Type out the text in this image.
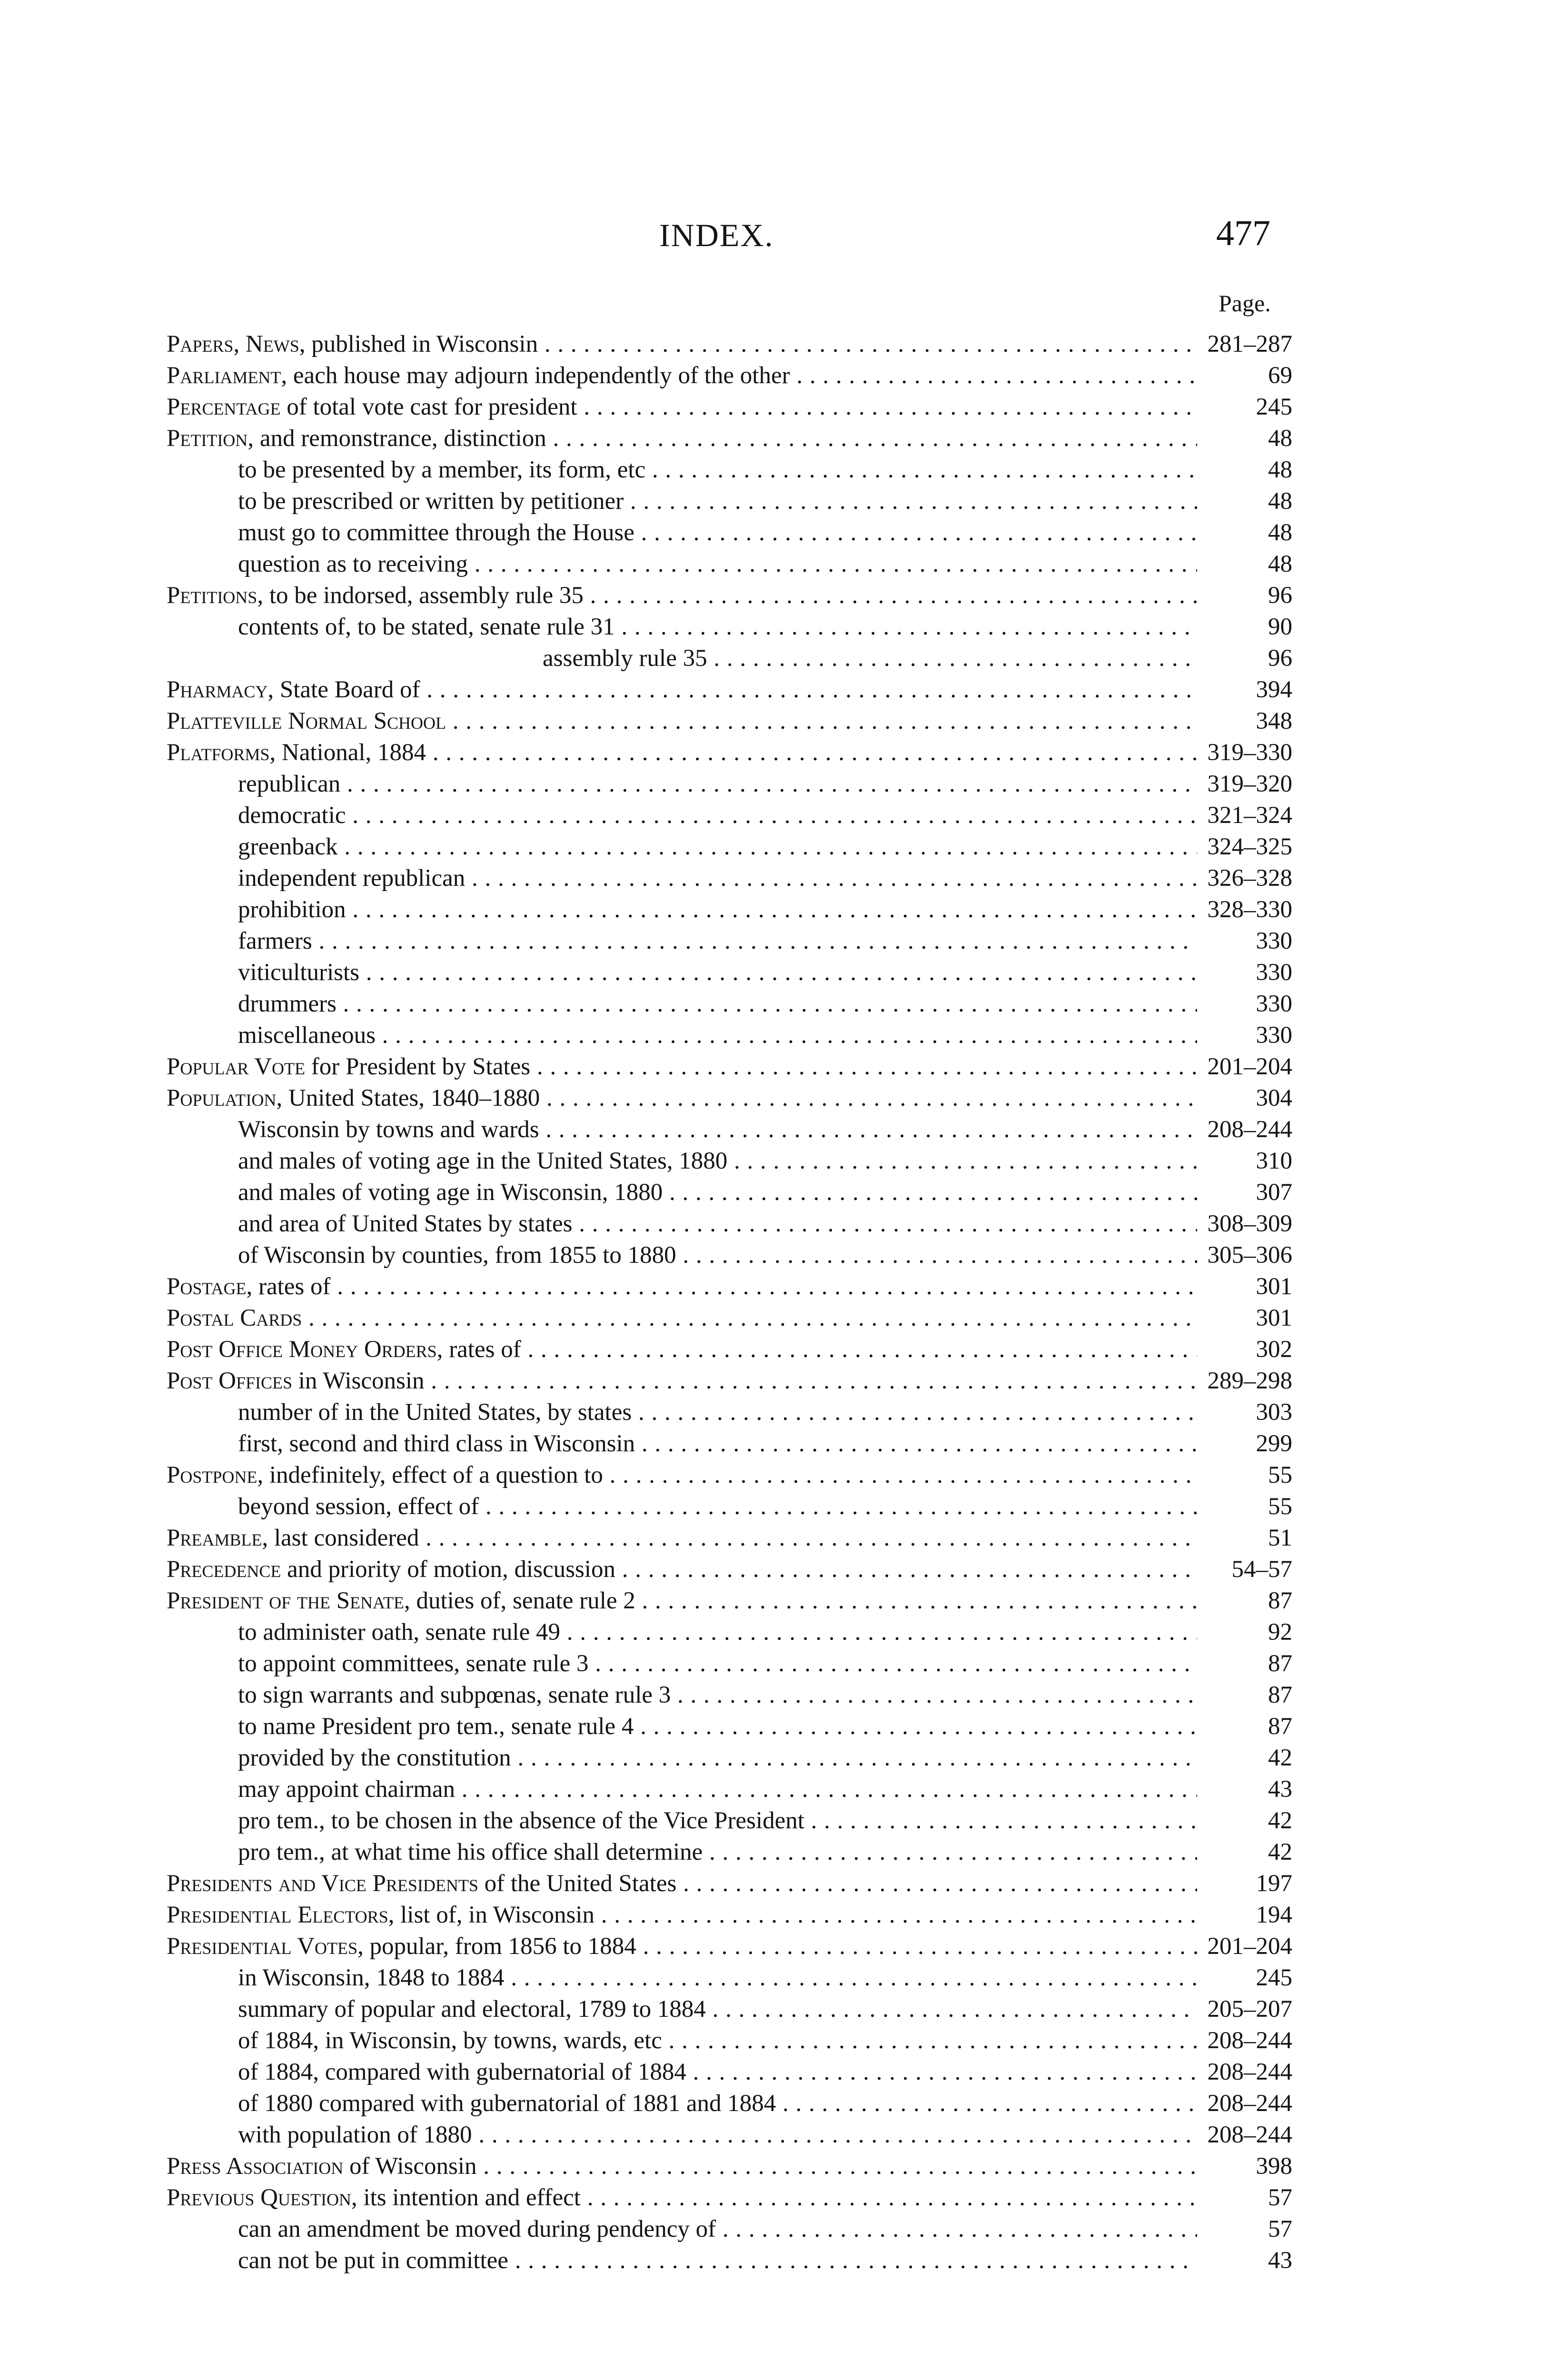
INDEX.	477
Page.
Papers, News, published in Wisconsin . . .	281–287
Parliament, each house may adjourn independently of the other . . .	69
Percentage of total vote cast for president . . .	245
Petition, and remonstrance, distinction . . .	48
to be presented by a member, its form, etc . . .	48
to be prescribed or written by petitioner . . .	48
must go to committee through the House . . .	48
question as to receiving . . .	48
Petitions, to be indorsed, assembly rule 35 . . .	96
contents of, to be stated, senate rule 31 . . .	90
assembly rule 35 . . .	96
Pharmacy, State Board of . . .	394
Platteville Normal School . . .	348
Platforms, National, 1884 . . .	319–330
republican . . .	319–320
democratic . . .	321–324
greenback . . .	324–325
independent republican . . .	326–328
prohibition . . .	328–330
farmers . . .	330
viticulturists . . .	330
drummers . . .	330
miscellaneous . . .	330
Popular Vote for President by States . . .	201–204
Population, United States, 1840–1880 . . .	304
Wisconsin by towns and wards . . .	208–244
and males of voting age in the United States, 1880 . . .	310
and males of voting age in Wisconsin, 1880 . . .	307
and area of United States by states . . .	308–309
of Wisconsin by counties, from 1855 to 1880 . . .	305–306
Postage, rates of . . .	301
Postal Cards . . .	301
Post Office Money Orders, rates of . . .	302
Post Offices in Wisconsin . . .	289–298
number of in the United States, by states . . .	303
first, second and third class in Wisconsin . . .	299
Postpone, indefinitely, effect of a question to . . .	55
beyond session, effect of . . .	55
Preamble, last considered . . .	51
Precedence and priority of motion, discussion . . .	54–57
President of the Senate, duties of, senate rule 2 . . .	87
to administer oath, senate rule 49 . . .	92
to appoint committees, senate rule 3 . . .	87
to sign warrants and subpœnas, senate rule 3 . . .	87
to name President pro tem., senate rule 4 . . .	87
provided by the constitution . . .	42
may appoint chairman . . .	43
pro tem., to be chosen in the absence of the Vice President . . .	42
pro tem., at what time his office shall determine . . .	42
Presidents and Vice Presidents of the United States . . .	197
Presidential Electors, list of, in Wisconsin . . .	194
Presidential Votes, popular, from 1856 to 1884 . . .	201–204
in Wisconsin, 1848 to 1884 . . .	245
summary of popular and electoral, 1789 to 1884 . . .	205–207
of 1884, in Wisconsin, by towns, wards, etc . . .	208–244
of 1884, compared with gubernatorial of 1884 . . .	208–244
of 1880 compared with gubernatorial of 1881 and 1884 . . .	208–244
with population of 1880 . . .	208–244
Press Association of Wisconsin . . .	398
Previous Question, its intention and effect . . .	57
can an amendment be moved during pendency of . . .	57
can not be put in committee . . .	43
